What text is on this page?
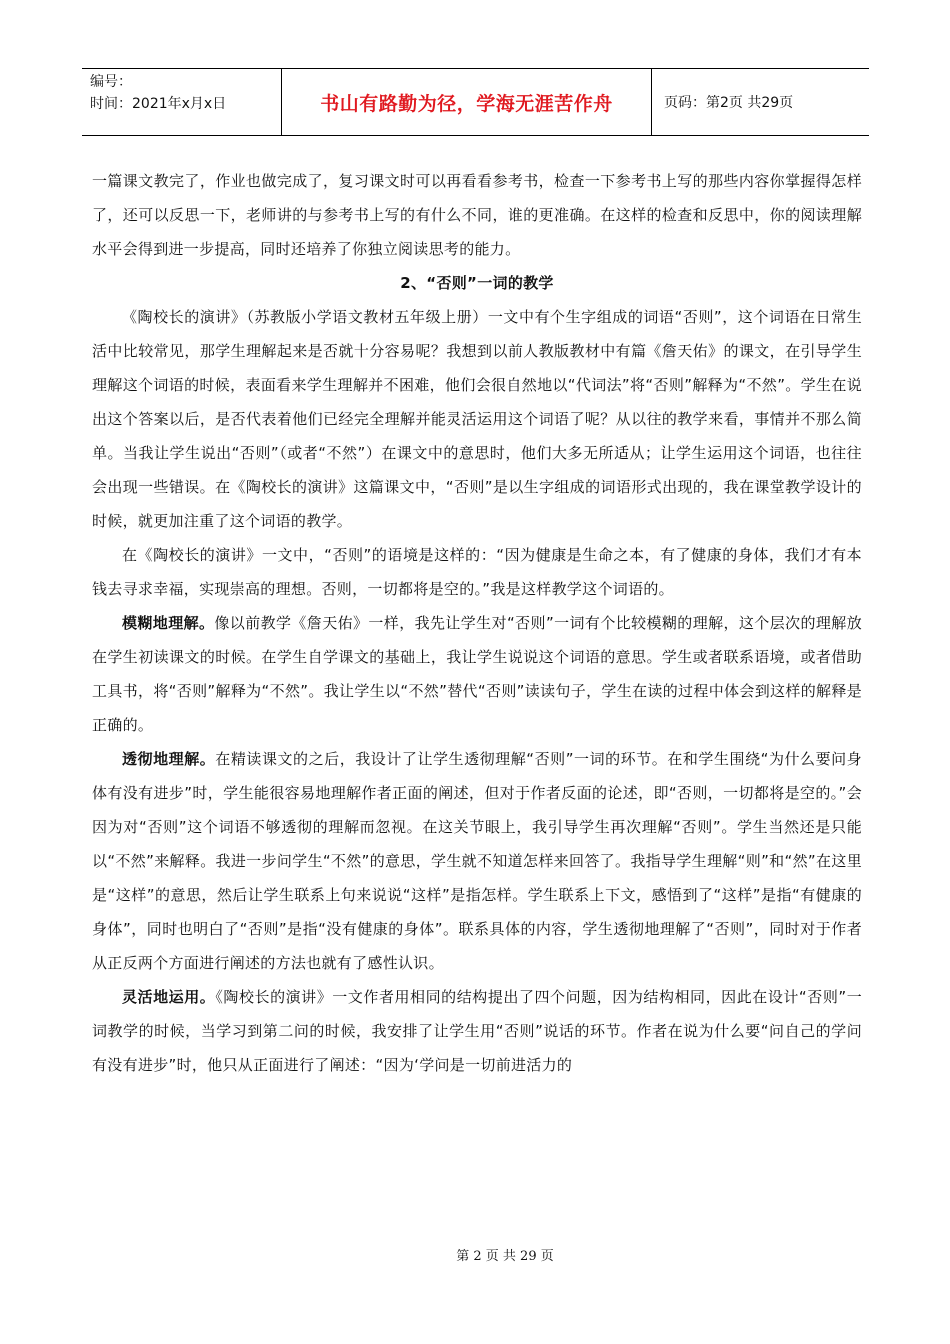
编号：
时间：2021年x月x日	书山有路勤为径，学海无涯苦作舟	页码：第2页 共29页

一篇课文教完了，作业也做完成了，复习课文时可以再看看参考书，检查一下参考书上写的那些内容你掌握得怎样了，还可以反思一下，老师讲的与参考书上写的有什么不同，谁的更准确。在这样的检查和反思中，你的阅读理解水平会得到进一步提高，同时还培养了你独立阅读思考的能力。

2、“否则”一词的教学

《陶校长的演讲》（苏教版小学语文教材五年级上册）一文中有个生字组成的词语“否则”，这个词语在日常生活中比较常见，那学生理解起来是否就十分容易呢？我想到以前人教版教材中有篇《詹天佑》的课文，在引导学生理解这个词语的时候，表面看来学生理解并不困难，他们会很自然地以“代词法”将“否则”解释为“不然”。学生在说出这个答案以后，是否代表着他们已经完全理解并能灵活运用这个词语了呢？从以往的教学来看，事情并不那么简单。当我让学生说出“否则”（或者“不然”）在课文中的意思时，他们大多无所适从；让学生运用这个词语，也往往会出现一些错误。在《陶校长的演讲》这篇课文中，“否则”是以生字组成的词语形式出现的，我在课堂教学设计的时候，就更加注重了这个词语的教学。

在《陶校长的演讲》一文中，“否则”的语境是这样的：“因为健康是生命之本，有了健康的身体，我们才有本钱去寻求幸福，实现崇高的理想。否则，一切都将是空的。”我是这样教学这个词语的。

模糊地理解。像以前教学《詹天佑》一样，我先让学生对“否则”一词有个比较模糊的理解，这个层次的理解放在学生初读课文的时候。在学生自学课文的基础上，我让学生说说这个词语的意思。学生或者联系语境，或者借助工具书，将“否则”解释为“不然”。我让学生以“不然”替代“否则”读读句子，学生在读的过程中体会到这样的解释是正确的。

透彻地理解。在精读课文的之后，我设计了让学生透彻理解“否则”一词的环节。在和学生围绕“为什么要问身体有没有进步”时，学生能很容易地理解作者正面的阐述，但对于作者反面的论述，即“否则，一切都将是空的。”会因为对“否则”这个词语不够透彻的理解而忽视。在这关节眼上，我引导学生再次理解“否则”。学生当然还是只能以“不然”来解释。我进一步问学生“不然”的意思，学生就不知道怎样来回答了。我指导学生理解“则”和“然”在这里是“这样”的意思，然后让学生联系上句来说说“这样”是指怎样。学生联系上下文，感悟到了“这样”是指“有健康的身体”，同时也明白了“否则”是指“没有健康的身体”。联系具体的内容，学生透彻地理解了“否则”，同时对于作者从正反两个方面进行阐述的方法也就有了感性认识。

灵活地运用。《陶校长的演讲》一文作者用相同的结构提出了四个问题，因为结构相同，因此在设计“否则”一词教学的时候，当学习到第二问的时候，我安排了让学生用“否则”说话的环节。作者在说为什么要“问自己的学问有没有进步”时，他只从正面进行了阐述：“因为‘学问是一切前进活力的

第 2 页 共 29 页
